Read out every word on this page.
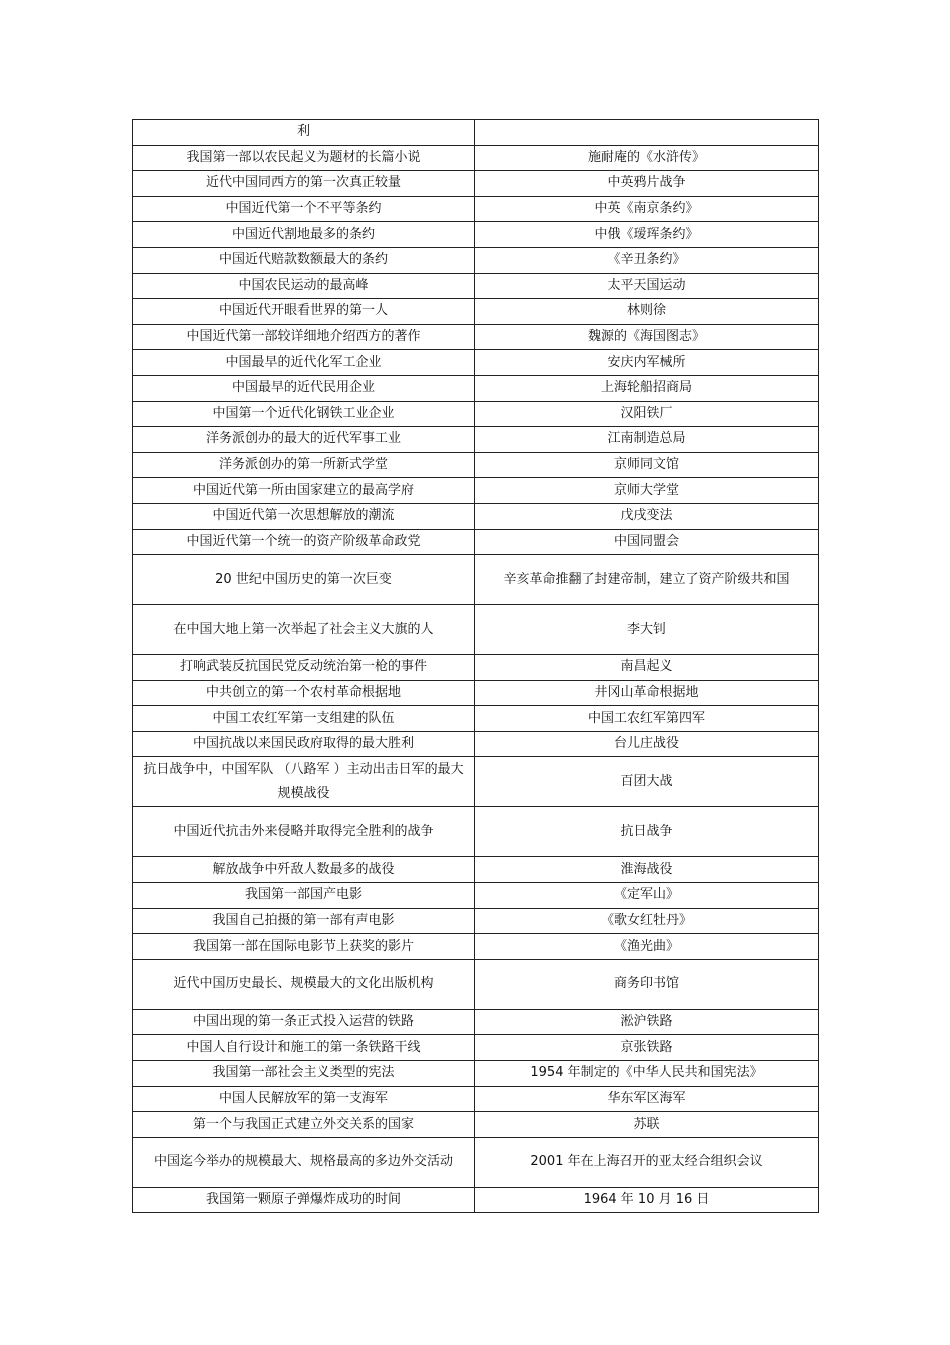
利	
我国第一部以农民起义为题材的长篇小说	施耐庵的《水浒传》
近代中国同西方的第一次真正较量	中英鸦片战争
中国近代第一个不平等条约	中英《南京条约》
中国近代割地最多的条约	中俄《瑷珲条约》
中国近代赔款数额最大的条约	《辛丑条约》
中国农民运动的最高峰	太平天国运动
中国近代开眼看世界的第一人	林则徐
中国近代第一部较详细地介绍西方的著作	魏源的《海国图志》
中国最早的近代化军工企业	安庆内军械所
中国最早的近代民用企业	上海轮船招商局
中国第一个近代化钢铁工业企业	汉阳铁厂
洋务派创办的最大的近代军事工业	江南制造总局
洋务派创办的第一所新式学堂	京师同文馆
中国近代第一所由国家建立的最高学府	京师大学堂
中国近代第一次思想解放的潮流	戊戌变法
中国近代第一个统一的资产阶级革命政党	中国同盟会
20 世纪中国历史的第一次巨变	辛亥革命推翻了封建帝制，建立了资产阶级共和国
在中国大地上第一次举起了社会主义大旗的人	李大钊
打响武装反抗国民党反动统治第一枪的事件	南昌起义
中共创立的第一个农村革命根据地	井冈山革命根据地
中国工农红军第一支组建的队伍	中国工农红军第四军
中国抗战以来国民政府取得的最大胜利	台儿庄战役
抗日战争中，中国军队 （八路军 ）主动出击日军的最大规模战役	百团大战
中国近代抗击外来侵略并取得完全胜利的战争	抗日战争
解放战争中歼敌人数最多的战役	淮海战役
我国第一部国产电影	《定军山》
我国自己拍摄的第一部有声电影	《歌女红牡丹》
我国第一部在国际电影节上获奖的影片	《渔光曲》
近代中国历史最长、规模最大的文化出版机构	商务印书馆
中国出现的第一条正式投入运营的铁路	淞沪铁路
中国人自行设计和施工的第一条铁路干线	京张铁路
我国第一部社会主义类型的宪法	1954 年制定的《中华人民共和国宪法》
中国人民解放军的第一支海军	华东军区海军
第一个与我国正式建立外交关系的国家	苏联
中国迄今举办的规模最大、规格最高的多边外交活动	2001 年在上海召开的亚太经合组织会议
我国第一颗原子弹爆炸成功的时间	1964 年 10 月 16 日
